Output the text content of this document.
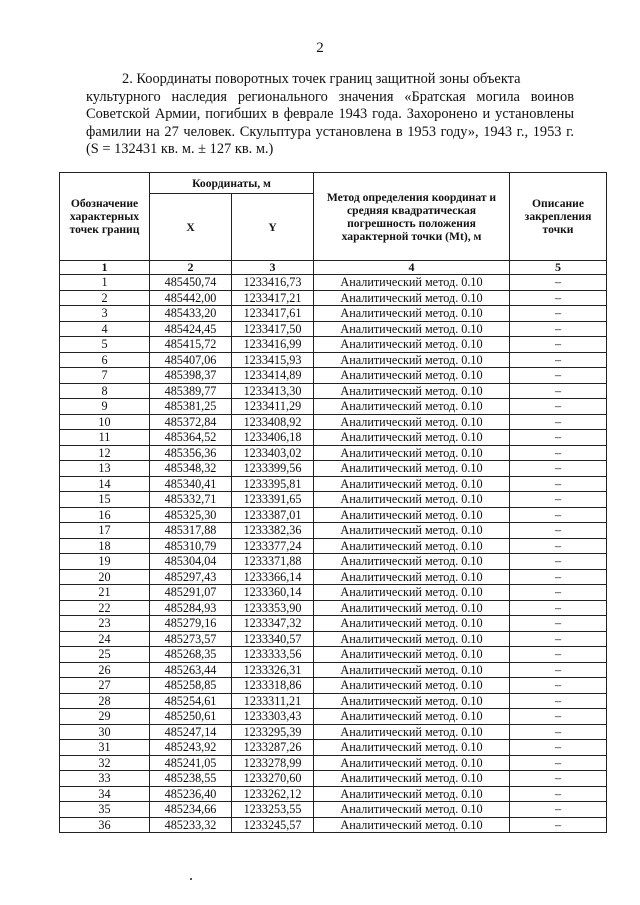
2
2. Координаты поворотных точек границ защитной зоны объекта культурного наследия регионального значения «Братская могила воинов Советской Армии, погибших в феврале 1943 года. Захоронено и установлены фамилии на 27 человек. Скульптура установлена в 1953 году», 1943 г., 1953 г. (S = 132431 кв. м. ± 127 кв. м.)
Обозначение характерных точек границ	Координаты, м		Метод определения координат и средняя квадратическая погрешность положения характерной точки (Mt), м	Описание закрепления точки
	X	Y		
1	2	3	4	5
1	485450,74	1233416,73	Аналитический метод. 0.10	–
2	485442,00	1233417,21	Аналитический метод. 0.10	–
3	485433,20	1233417,61	Аналитический метод. 0.10	–
4	485424,45	1233417,50	Аналитический метод. 0.10	–
5	485415,72	1233416,99	Аналитический метод. 0.10	–
6	485407,06	1233415,93	Аналитический метод. 0.10	–
7	485398,37	1233414,89	Аналитический метод. 0.10	–
8	485389,77	1233413,30	Аналитический метод. 0.10	–
9	485381,25	1233411,29	Аналитический метод. 0.10	–
10	485372,84	1233408,92	Аналитический метод. 0.10	–
11	485364,52	1233406,18	Аналитический метод. 0.10	–
12	485356,36	1233403,02	Аналитический метод. 0.10	–
13	485348,32	1233399,56	Аналитический метод. 0.10	–
14	485340,41	1233395,81	Аналитический метод. 0.10	–
15	485332,71	1233391,65	Аналитический метод. 0.10	–
16	485325,30	1233387,01	Аналитический метод. 0.10	–
17	485317,88	1233382,36	Аналитический метод. 0.10	–
18	485310,79	1233377,24	Аналитический метод. 0.10	–
19	485304,04	1233371,88	Аналитический метод. 0.10	–
20	485297,43	1233366,14	Аналитический метод. 0.10	–
21	485291,07	1233360,14	Аналитический метод. 0.10	–
22	485284,93	1233353,90	Аналитический метод. 0.10	–
23	485279,16	1233347,32	Аналитический метод. 0.10	–
24	485273,57	1233340,57	Аналитический метод. 0.10	–
25	485268,35	1233333,56	Аналитический метод. 0.10	–
26	485263,44	1233326,31	Аналитический метод. 0.10	–
27	485258,85	1233318,86	Аналитический метод. 0.10	–
28	485254,61	1233311,21	Аналитический метод. 0.10	–
29	485250,61	1233303,43	Аналитический метод. 0.10	–
30	485247,14	1233295,39	Аналитический метод. 0.10	–
31	485243,92	1233287,26	Аналитический метод. 0.10	–
32	485241,05	1233278,99	Аналитический метод. 0.10	–
33	485238,55	1233270,60	Аналитический метод. 0.10	–
34	485236,40	1233262,12	Аналитический метод. 0.10	–
35	485234,66	1233253,55	Аналитический метод. 0.10	–
36	485233,32	1233245,57	Аналитический метод. 0.10	–
